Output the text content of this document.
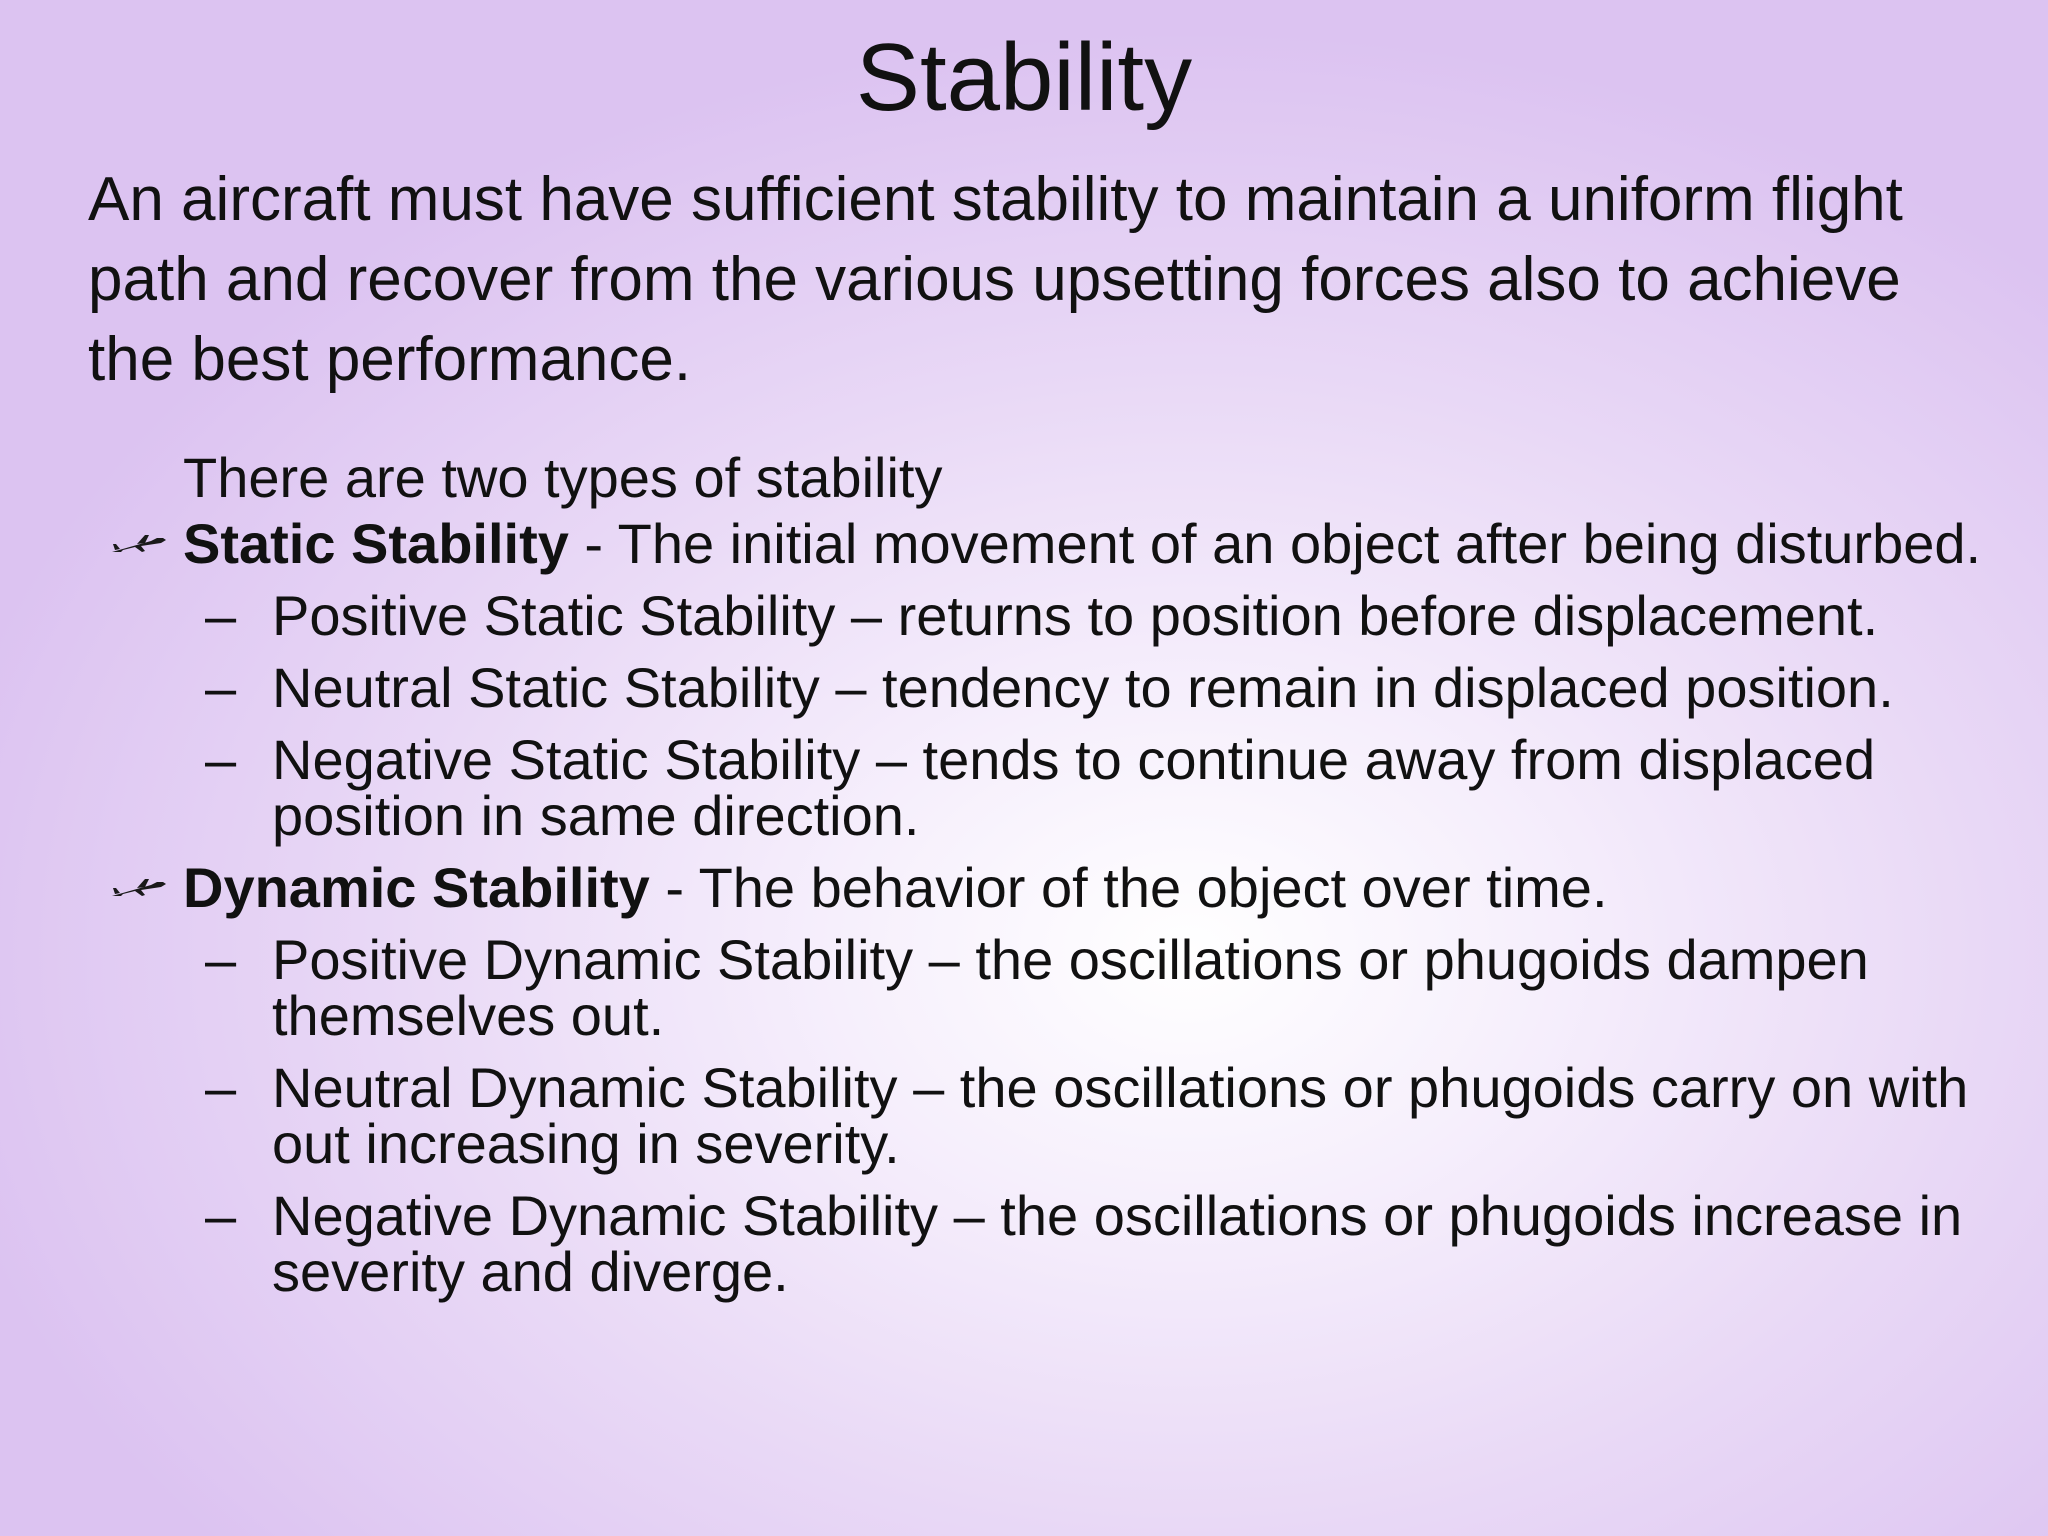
Stability

An aircraft must have sufficient stability to maintain a uniform flight path and recover from the various upsetting forces also to achieve the best performance.

There are two types of stability

Static Stability - The initial movement of an object after being disturbed.
– Positive Static Stability – returns to position before displacement.
– Neutral Static Stability – tendency to remain in displaced position.
– Negative Static Stability – tends to continue away from displaced position in same direction.
Dynamic Stability - The behavior of the object over time.
– Positive Dynamic Stability – the oscillations or phugoids dampen themselves out.
– Neutral Dynamic Stability – the oscillations or phugoids carry on with out increasing in severity.
– Negative Dynamic Stability – the oscillations or phugoids increase in severity and diverge.
